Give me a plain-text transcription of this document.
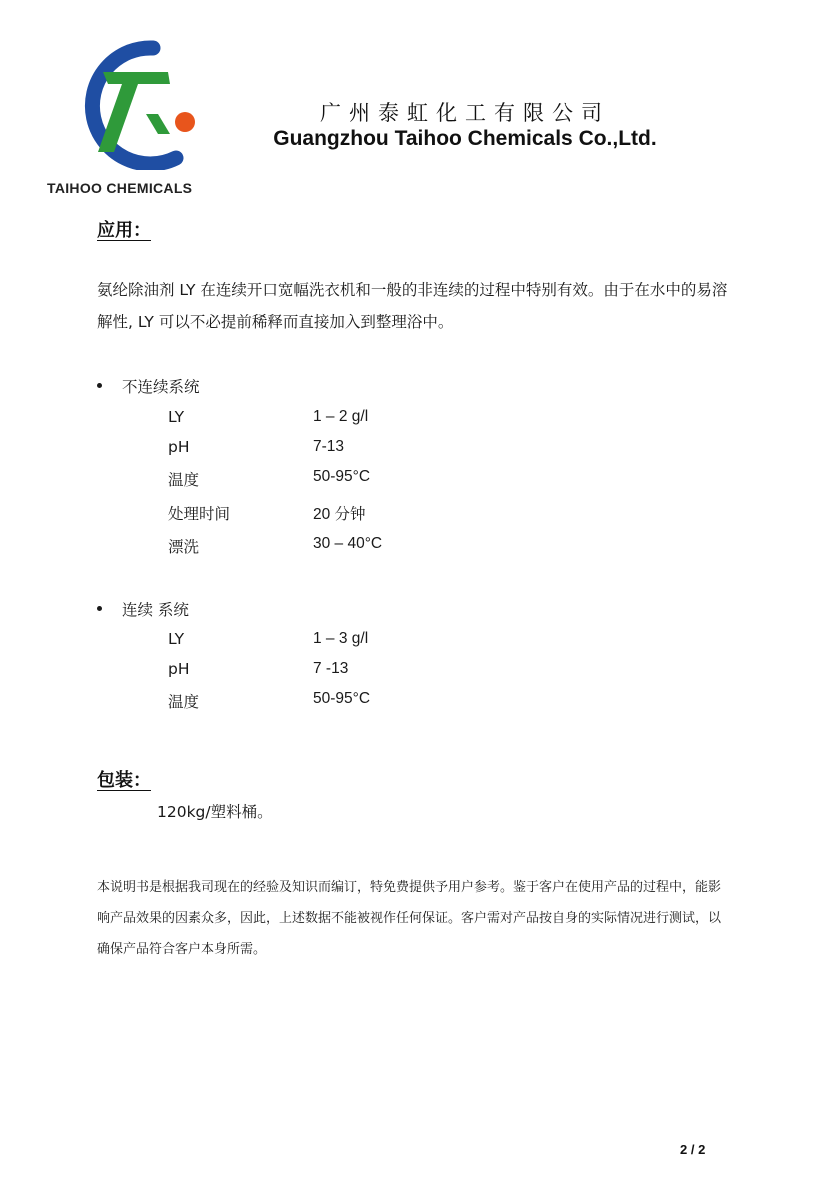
TAIHOO CHEMICALS
广州泰虹化工有限公司
Guangzhou Taihoo Chemicals Co.,Ltd.
应用：
氨纶除油剂 LY 在连续开口宽幅洗衣机和一般的非连续的过程中特别有效。由于在水中的易溶解性, LY 可以不必提前稀释而直接加入到整理浴中。
不连续系统
LY	1 – 2 g/l
pH	7-13
温度	50-95°C
处理时间	20 分钟
漂洗	30 – 40°C
连续 系统
LY	1 – 3 g/l
pH	7 -13
温度	50-95°C
包装：
120kg/塑料桶。
本说明书是根据我司现在的经验及知识而编订，特免费提供予用户参考。鉴于客户在使用产品的过程中，能影响产品效果的因素众多，因此，上述数据不能被视作任何保证。客户需对产品按自身的实际情况进行测试，以确保产品符合客户本身所需。
2 / 2
